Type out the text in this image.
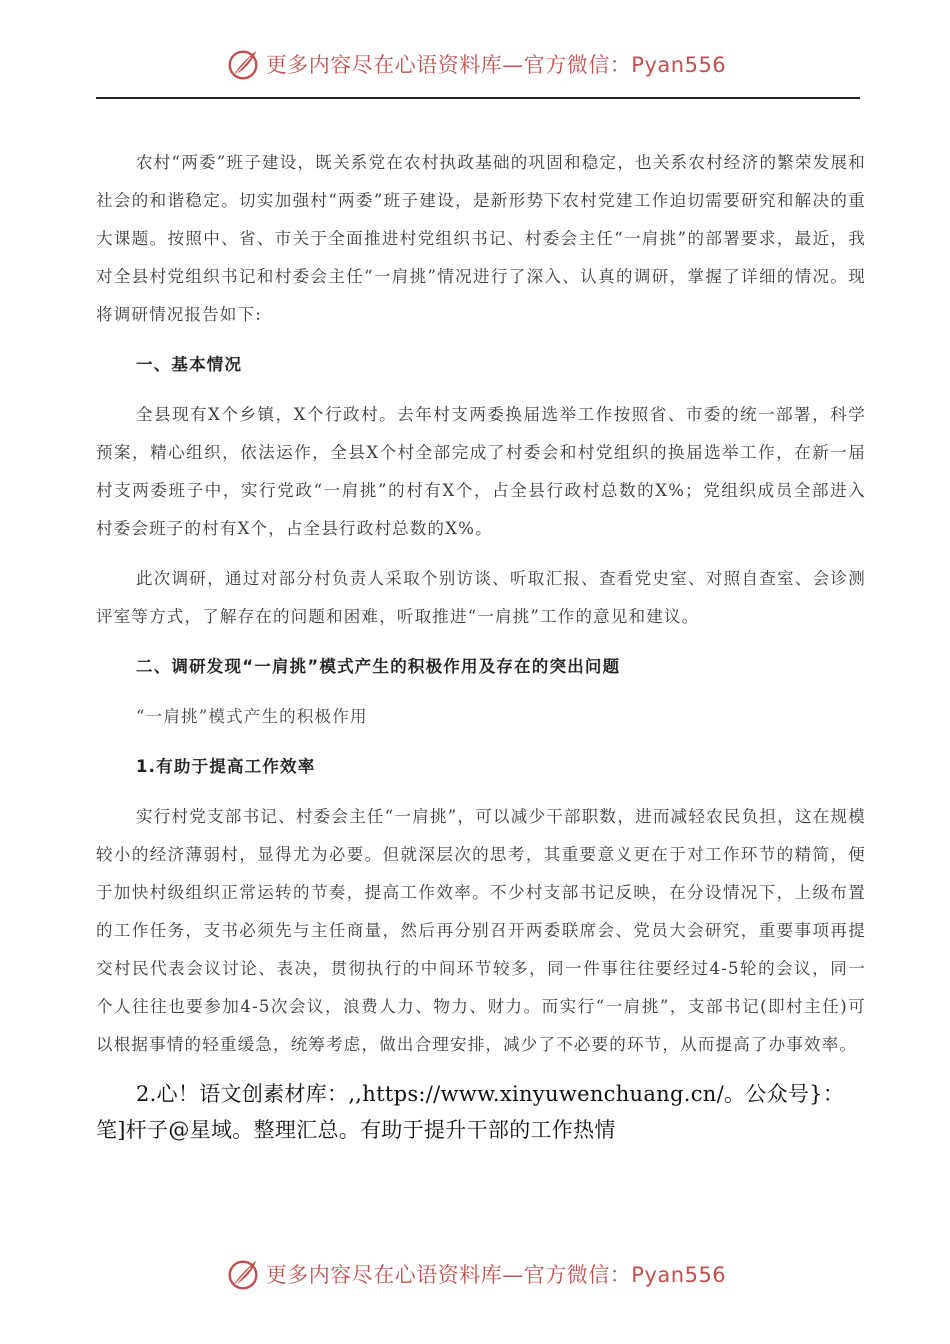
更多内容尽在心语资料库—官方微信：Pyan556

农村“两委”班子建设，既关系党在农村执政基础的巩固和稳定，也关系农村经济的繁荣发展和社会的和谐稳定。切实加强村“两委”班子建设，是新形势下农村党建工作迫切需要研究和解决的重大课题。按照中、省、市关于全面推进村党组织书记、村委会主任“一肩挑”的部署要求，最近，我对全县村党组织书记和村委会主任“一肩挑”情况进行了深入、认真的调研，掌握了详细的情况。现将调研情况报告如下:

一、基本情况

全县现有X个乡镇，X个行政村。去年村支两委换届选举工作按照省、市委的统一部署，科学预案，精心组织，依法运作，全县X个村全部完成了村委会和村党组织的换届选举工作，在新一届村支两委班子中，实行党政“一肩挑”的村有X个，占全县行政村总数的X%；党组织成员全部进入村委会班子的村有X个，占全县行政村总数的X%。

此次调研，通过对部分村负责人采取个别访谈、听取汇报、查看党史室、对照自查室、会诊测评室等方式，了解存在的问题和困难，听取推进“一肩挑”工作的意见和建议。

二、调研发现“一肩挑”模式产生的积极作用及存在的突出问题

“一肩挑”模式产生的积极作用

1.有助于提高工作效率

实行村党支部书记、村委会主任“一肩挑”，可以减少干部职数，进而减轻农民负担，这在规模较小的经济薄弱村，显得尤为必要。但就深层次的思考，其重要意义更在于对工作环节的精简，便于加快村级组织正常运转的节奏，提高工作效率。不少村支部书记反映，在分设情况下，上级布置的工作任务，支书必须先与主任商量，然后再分别召开两委联席会、党员大会研究，重要事项再提交村民代表会议讨论、表决，贯彻执行的中间环节较多，同一件事往往要经过4-5轮的会议，同一个人往往也要参加4-5次会议，浪费人力、物力、财力。而实行“一肩挑”，支部书记(即村主任)可以根据事情的轻重缓急，统筹考虑，做出合理安排，减少了不必要的环节，从而提高了办事效率。

2.心！语文创素材库：,,https://www.xinyuwenchuang.cn/。公众号}：笔]杆子@星域。整理汇总。有助于提升干部的工作热情

更多内容尽在心语资料库—官方微信：Pyan556
